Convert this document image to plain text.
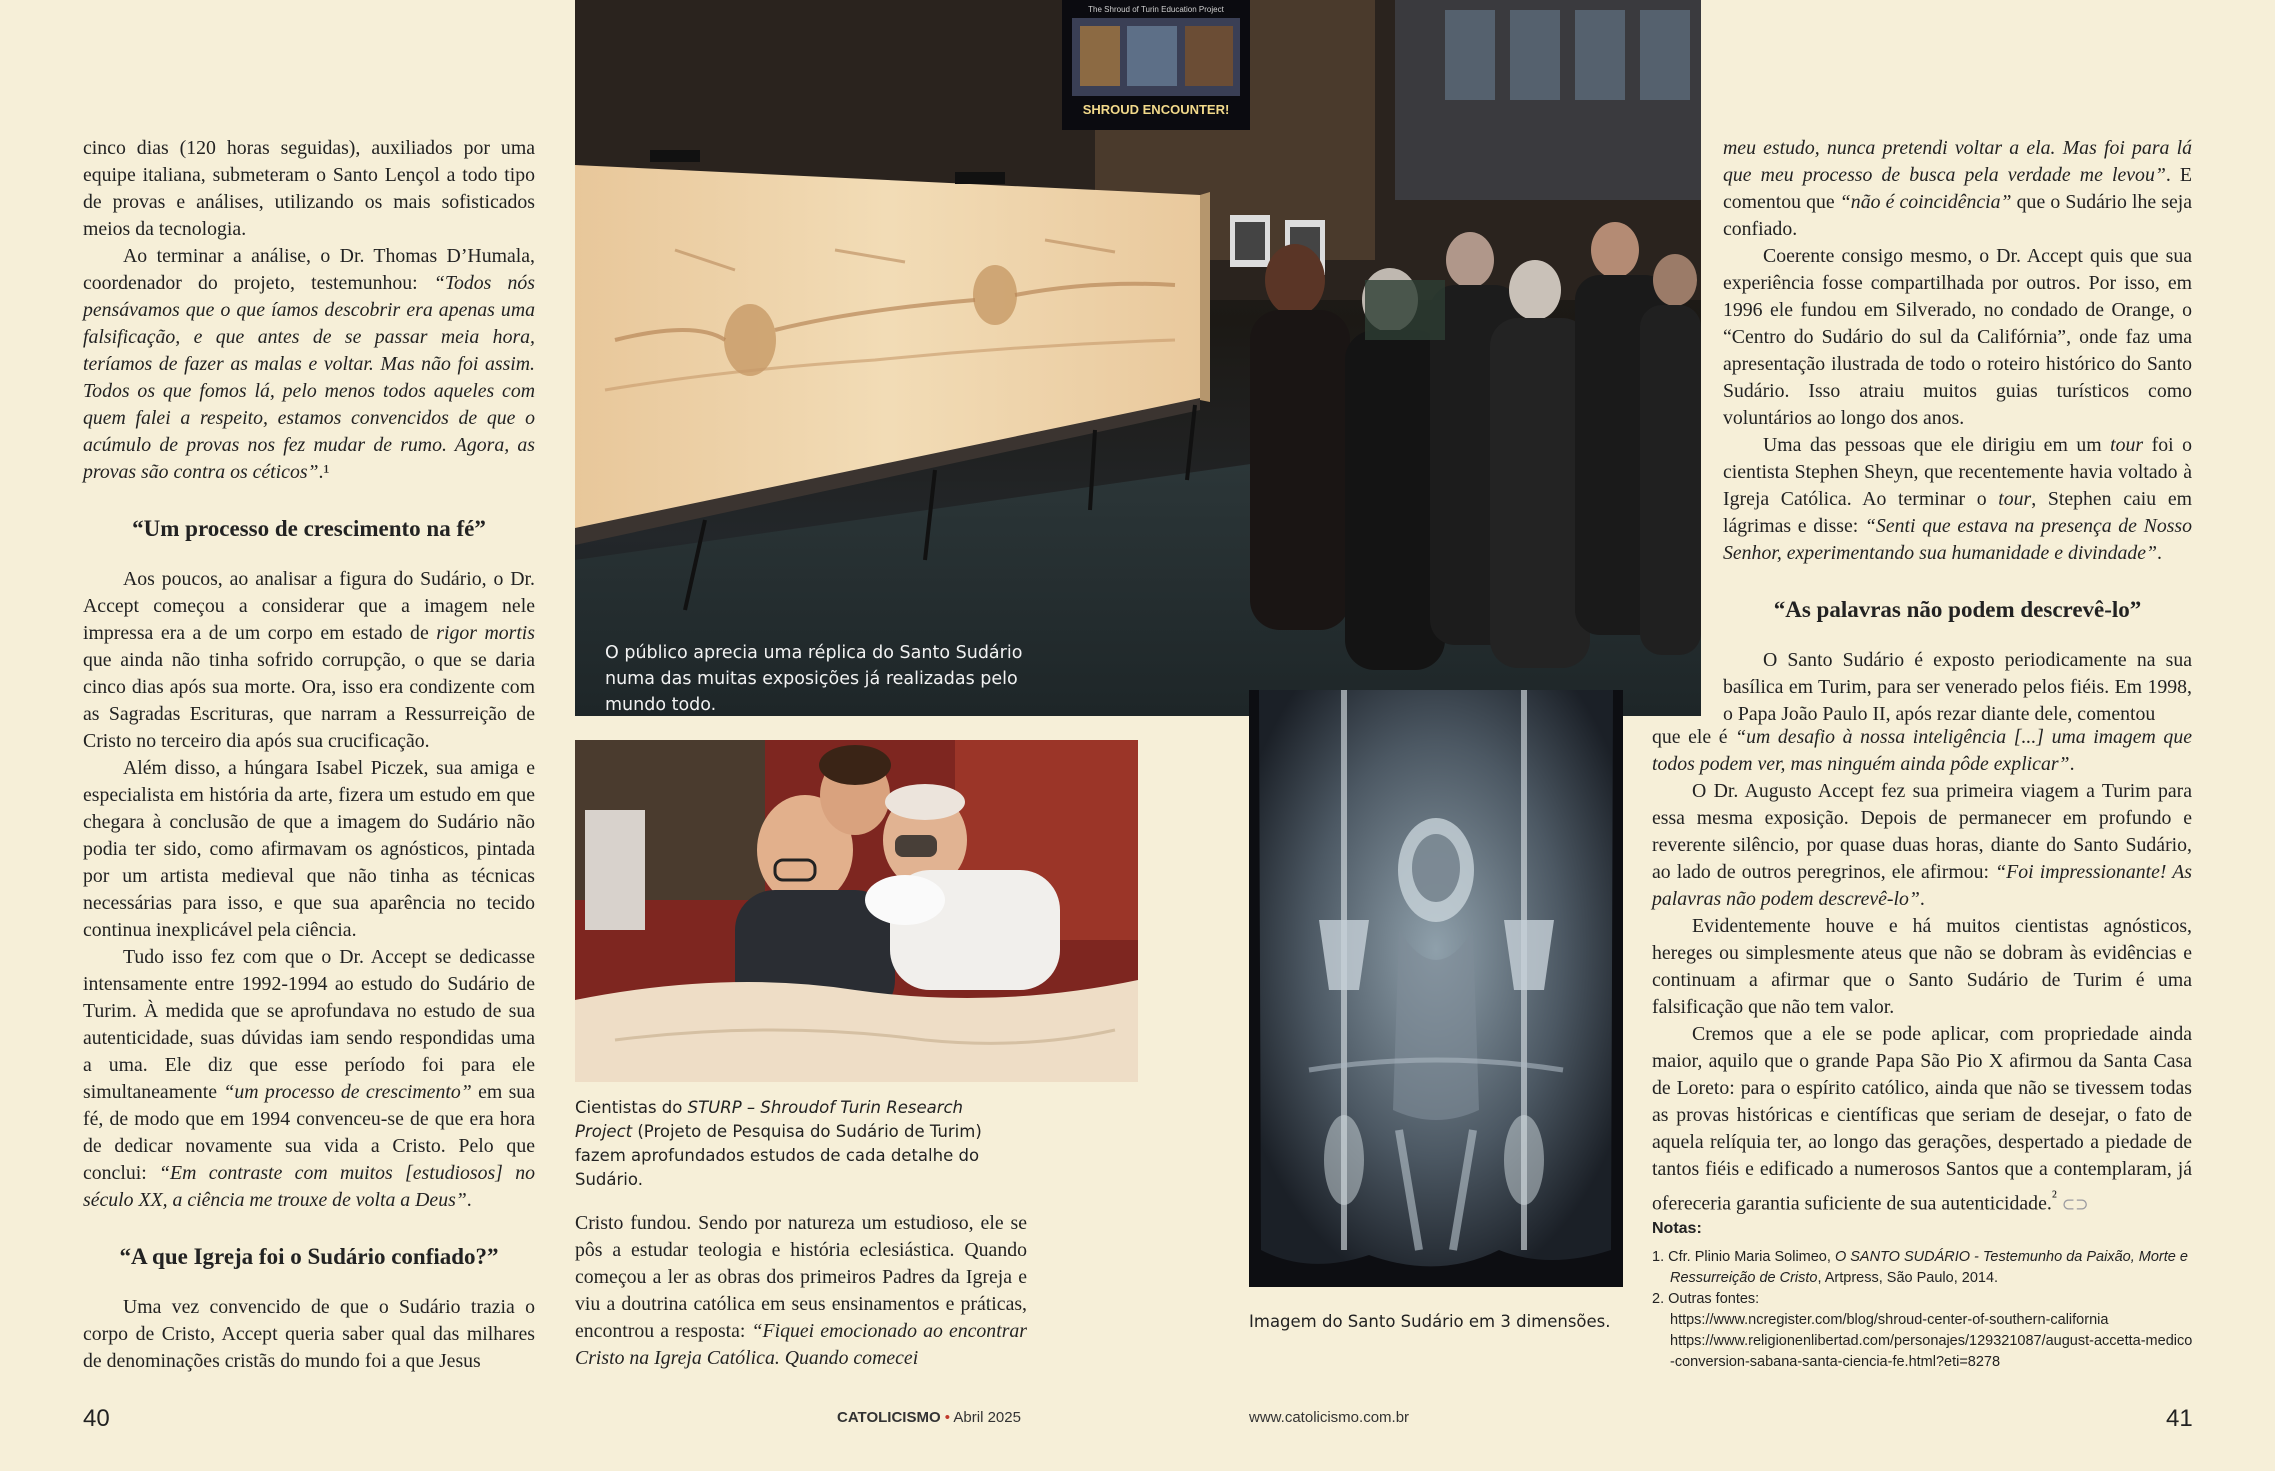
cinco dias (120 horas seguidas), auxiliados por uma equipe italiana, submeteram o Santo Lençol a todo tipo de provas e análises, utilizando os mais sofisticados meios da tecnologia.

Ao terminar a análise, o Dr. Thomas D’Humala, coordenador do projeto, testemunhou: “Todos nós pensávamos que o que íamos descobrir era apenas uma falsificação, e que antes de se passar meia hora, teríamos de fazer as malas e voltar. Mas não foi assim. Todos os que fomos lá, pelo menos todos aqueles com quem falei a respeito, estamos convencidos de que o acúmulo de provas nos fez mudar de rumo. Agora, as provas são contra os céticos”.¹

“Um processo de crescimento na fé”

Aos poucos, ao analisar a figura do Sudário, o Dr. Accept começou a considerar que a imagem nele impressa era a de um corpo em estado de rigor mortis que ainda não tinha sofrido corrupção, o que se daria cinco dias após sua morte. Ora, isso era condizente com as Sagradas Escrituras, que narram a Ressurreição de Cristo no terceiro dia após sua crucificação.

Além disso, a húngara Isabel Piczek, sua amiga e especialista em história da arte, fizera um estudo em que chegara à conclusão de que a imagem do Sudário não podia ter sido, como afirmavam os agnósticos, pintada por um artista medieval que não tinha as técnicas necessárias para isso, e que sua aparência no tecido continua inexplicável pela ciência.

Tudo isso fez com que o Dr. Accept se dedicasse intensamente entre 1992-1994 ao estudo do Sudário de Turim. À medida que se aprofundava no estudo de sua autenticidade, suas dúvidas iam sendo respondidas uma a uma. Ele diz que esse período foi para ele simultaneamente “um processo de crescimento” em sua fé, de modo que em 1994 convenceu-se de que era hora de dedicar novamente sua vida a Cristo. Pelo que conclui: “Em contraste com muitos [estudiosos] no século XX, a ciência me trouxe de volta a Deus”.

“A que Igreja foi o Sudário confiado?”

Uma vez convencido de que o Sudário trazia o corpo de Cristo, Accept queria saber qual das milhares de denominações cristãs do mundo foi a que Jesus

The Shroud of Turin Education Project
SHROUD ENCOUNTER!
O público aprecia uma réplica do Santo Sudário numa das muitas exposições já realizadas pelo mundo todo.
Cientistas do STURP – Shroudof Turin Research Project (Projeto de Pesquisa do Sudário de Turim) fazem aprofundados estudos de cada detalhe do Sudário.

Cristo fundou. Sendo por natureza um estudioso, ele se pôs a estudar teologia e história eclesiástica. Quando começou a ler as obras dos primeiros Padres da Igreja e viu a doutrina católica em seus ensinamentos e práticas, encontrou a resposta: “Fiquei emocionado ao encontrar Cristo na Igreja Católica. Quando comecei

Imagem do Santo Sudário em 3 dimensões.

meu estudo, nunca pretendi voltar a ela. Mas foi para lá que meu processo de busca pela verdade me levou”. E comentou que “não é coincidência” que o Sudário lhe seja confiado.

Coerente consigo mesmo, o Dr. Accept quis que sua experiência fosse compartilhada por outros. Por isso, em 1996 ele fundou em Silverado, no condado de Orange, o “Centro do Sudário do sul da Califórnia”, onde faz uma apresentação ilustrada de todo o roteiro histórico do Santo Sudário. Isso atraiu muitos guias turísticos como voluntários ao longo dos anos.

Uma das pessoas que ele dirigiu em um tour foi o cientista Stephen Sheyn, que recentemente havia voltado à Igreja Católica. Ao terminar o tour, Stephen caiu em lágrimas e disse: “Senti que estava na presença de Nosso Senhor, experimentando sua humanidade e divindade”.

“As palavras não podem descrevê-lo”

O Santo Sudário é exposto periodicamente na sua basílica em Turim, para ser venerado pelos fiéis. Em 1998, o Papa João Paulo II, após rezar diante dele, comentou

que ele é “um desafio à nossa inteligência [...] uma imagem que todos podem ver, mas ninguém ainda pôde explicar”.

O Dr. Augusto Accept fez sua primeira viagem a Turim para essa mesma exposição. Depois de permanecer em profundo e reverente silêncio, por quase duas horas, diante do Santo Sudário, ao lado de outros peregrinos, ele afirmou: “Foi impressionante! As palavras não podem descrevê-lo”.

Evidentemente houve e há muitos cientistas agnósticos, hereges ou simplesmente ateus que não se dobram às evidências e continuam a afirmar que o Santo Sudário de Turim é uma falsificação que não tem valor.

Cremos que a ele se pode aplicar, com propriedade ainda maior, aquilo que o grande Papa São Pio X afirmou da Santa Casa de Loreto: para o espírito católico, ainda que não se tivessem todas as provas históricas e científicas que seriam de desejar, o fato de aquela relíquia ter, ao longo das gerações, despertado a piedade de tantos fiéis e edificado a numerosos Santos que a contemplaram, já ofereceria garantia suficiente de sua autenticidade.$^{^2}$ ⊂⊃

Notas:
1. Cfr. Plinio Maria Solimeo, O SANTO SUDÁRIO - Testemunho da Paixão, Morte e Ressurreição de Cristo, Artpress, São Paulo, 2014.
2. Outras fontes:
https://www.ncregister.com/blog/shroud-center-of-southern-california
https://www.religionenlibertad.com/personajes/129321087/august-accetta-medico-conversion-sabana-santa-ciencia-fe.html?eti=8278
40	CATOLICISMO • Abril 2025	www.catolicismo.com.br	41
